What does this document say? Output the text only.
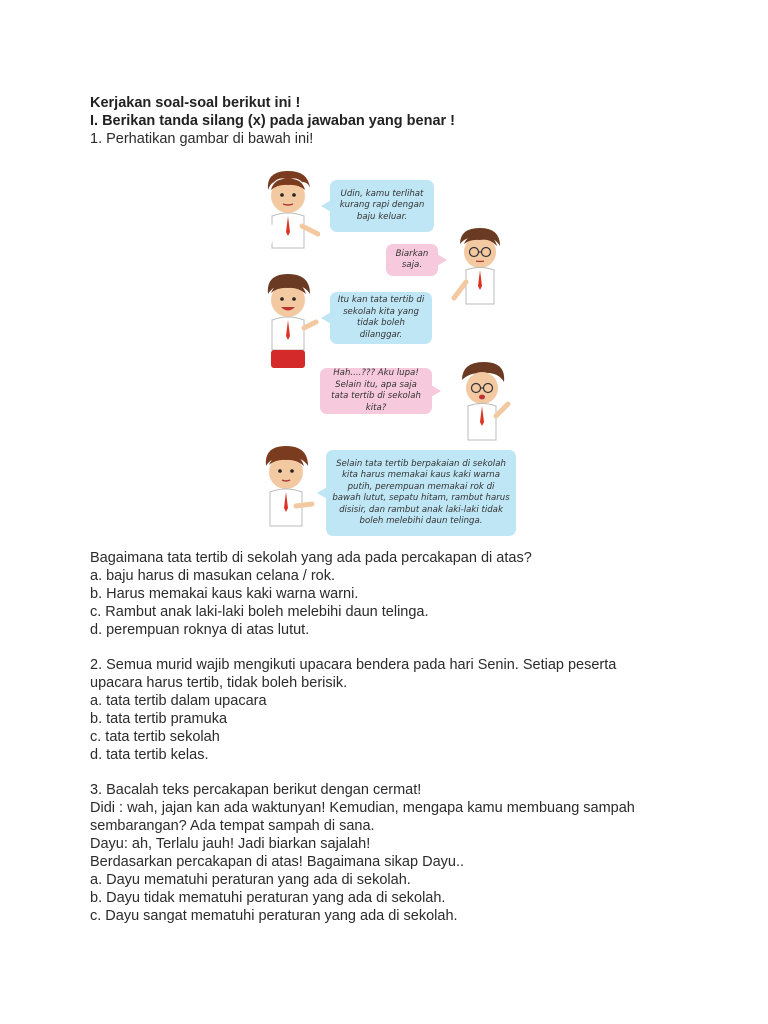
Udin, kamu terlihat kurang rapi dengan baju keluar.
Biarkan saja.
Itu kan tata tertib di sekolah kita yang tidak boleh dilanggar.
Hah....??? Aku lupa! Selain itu, apa saja tata tertib di sekolah kita?
Selain tata tertib berpakaian di sekolah kita harus memakai kaus kaki warna putih, perempuan memakai rok di bawah lutut, sepatu hitam, rambut harus disisir, dan rambut anak laki-laki tidak boleh melebihi daun telinga.
Kerjakan soal-soal berikut ini !
I. Berikan tanda silang (x) pada jawaban yang benar !
1. Perhatikan gambar di bawah ini!
Bagaimana tata tertib di sekolah yang ada pada percakapan di atas?
a. baju harus di masukan celana / rok.
b. Harus memakai kaus kaki warna warni.
c. Rambut anak laki-laki boleh melebihi daun telinga.
d. perempuan roknya di atas lutut.
2. Semua murid wajib mengikuti upacara bendera pada hari Senin. Setiap peserta
upacara harus tertib, tidak boleh berisik.
a. tata tertib dalam upacara
b. tata tertib pramuka
c. tata tertib sekolah
d. tata tertib kelas.
3. Bacalah teks percakapan berikut dengan cermat!
Didi : wah, jajan kan ada waktunyan! Kemudian, mengapa kamu membuang sampah
sembarangan? Ada tempat sampah di sana.
Dayu: ah, Terlalu jauh! Jadi biarkan sajalah!
Berdasarkan percakapan di atas! Bagaimana sikap Dayu..
a. Dayu mematuhi peraturan yang ada di sekolah.
b. Dayu tidak mematuhi peraturan yang ada di sekolah.
c. Dayu sangat mematuhi peraturan yang ada di sekolah.
